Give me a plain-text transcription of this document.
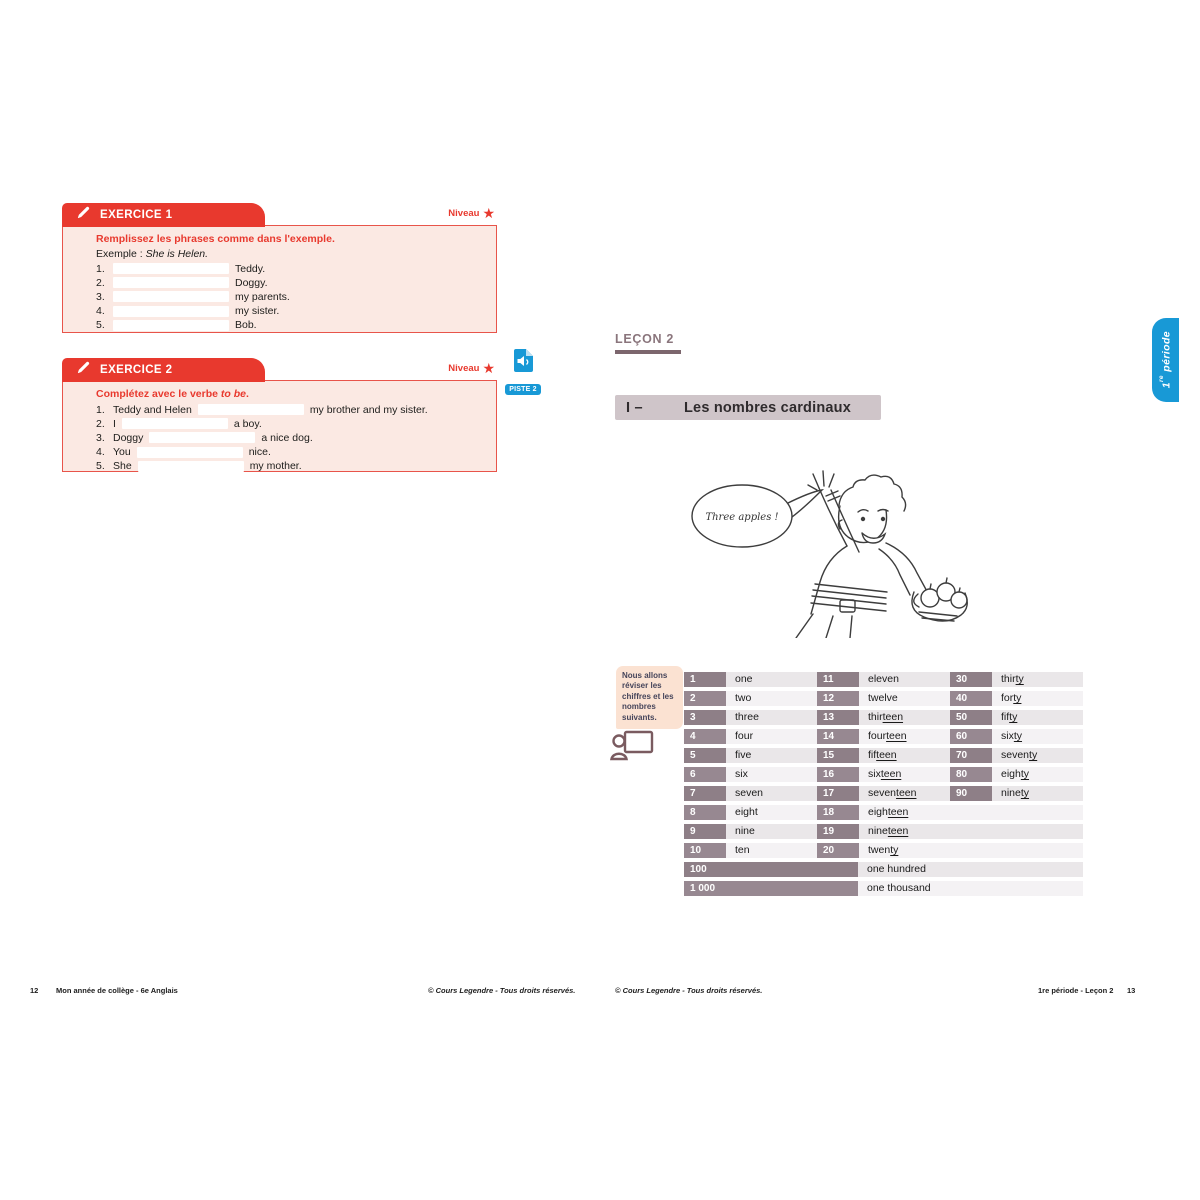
EXERCICE 1	Niveau ★
Remplissez les phrases comme dans l'exemple.
Exemple : She is Helen.
1.	Teddy.
2.	Doggy.
3.	my parents.
4.	my sister.
5.	Bob.
EXERCICE 2	Niveau ★
Complétez avec le verbe to be.
1. Teddy and Helen	my brother and my sister.
2. I	a boy.
3. Doggy	a nice dog.
4. You	nice.
5. She	my mother.
PISTE 2
LEÇON 2
I –	Les nombres cardinaux
Three apples !
Nous allons réviser les chiffres et les nombres suivants.
1	one	11	eleven	30	thirty
2	two	12	twelve	40	forty
3	three	13	thirteen	50	fifty
4	four	14	fourteen	60	sixty
5	five	15	fifteen	70	seventy
6	six	16	sixteen	80	eighty
7	seven	17	seventeen	90	ninety
8	eight	18	eighteen
9	nine	19	nineteen
10	ten	20	twenty
100	one hundred
1 000	one thousand
12 Mon année de collège - 6e Anglais	© Cours Legendre - Tous droits réservés.	© Cours Legendre - Tous droits réservés.	1re période - Leçon 2 13
1re période
